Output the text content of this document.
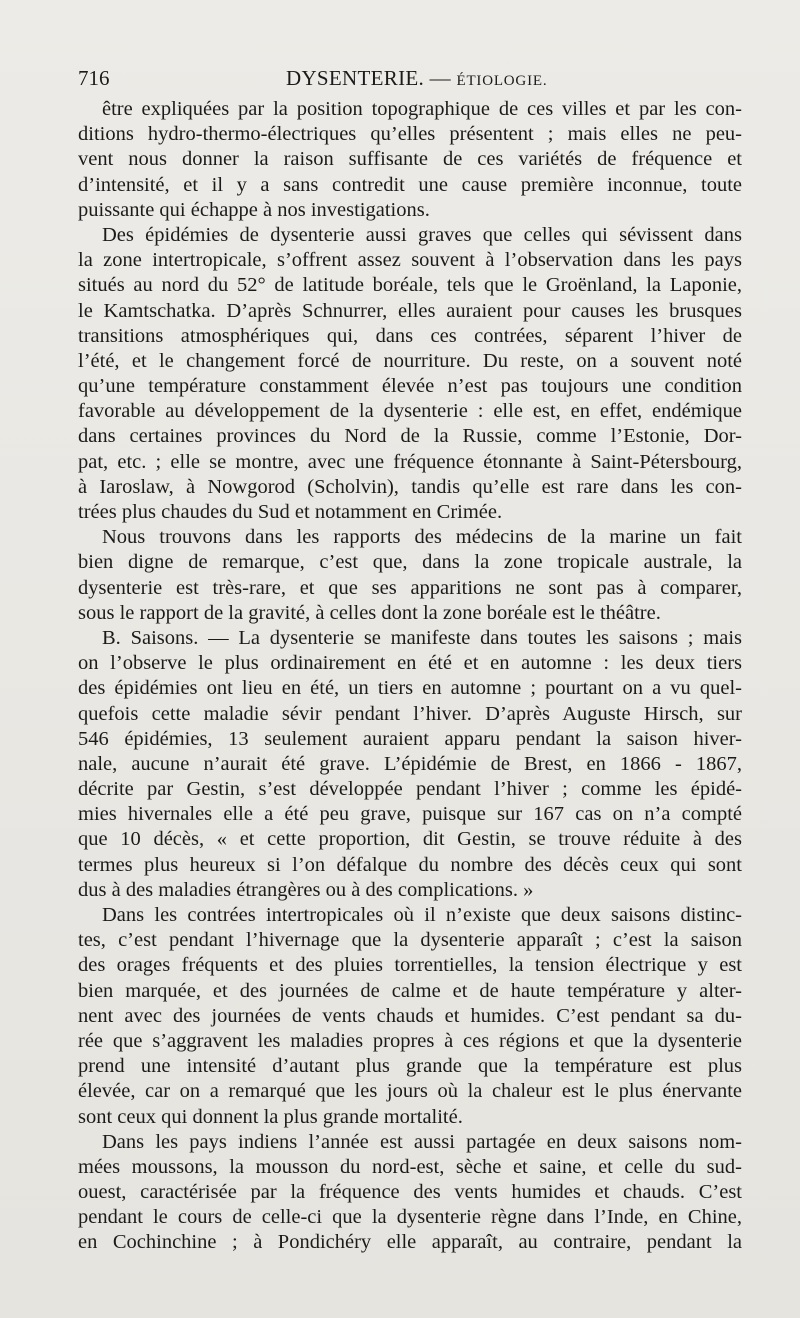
716	DYSENTERIE. — ÉTIOLOGIE.
être expliquées par la position topographique de ces villes et par les con-
ditions hydro-thermo-électriques qu’elles présentent ; mais elles ne peu-
vent nous donner la raison suffisante de ces variétés de fréquence et
d’intensité, et il y a sans contredit une cause première inconnue, toute
puissante qui échappe à nos investigations.
Des épidémies de dysenterie aussi graves que celles qui sévissent dans
la zone intertropicale, s’offrent assez souvent à l’observation dans les pays
situés au nord du 52° de latitude boréale, tels que le Groënland, la Laponie,
le Kamtschatka. D’après Schnurrer, elles auraient pour causes les brusques
transitions atmosphériques qui, dans ces contrées, séparent l’hiver de
l’été, et le changement forcé de nourriture. Du reste, on a souvent noté
qu’une température constamment élevée n’est pas toujours une condition
favorable au développement de la dysenterie : elle est, en effet, endémique
dans certaines provinces du Nord de la Russie, comme l’Estonie, Dor-
pat, etc. ; elle se montre, avec une fréquence étonnante à Saint-Pétersbourg,
à Iaroslaw, à Nowgorod (Scholvin), tandis qu’elle est rare dans les con-
trées plus chaudes du Sud et notamment en Crimée.
Nous trouvons dans les rapports des médecins de la marine un fait
bien digne de remarque, c’est que, dans la zone tropicale australe, la
dysenterie est très-rare, et que ses apparitions ne sont pas à comparer,
sous le rapport de la gravité, à celles dont la zone boréale est le théâtre.
B. Saisons. — La dysenterie se manifeste dans toutes les saisons ; mais
on l’observe le plus ordinairement en été et en automne : les deux tiers
des épidémies ont lieu en été, un tiers en automne ; pourtant on a vu quel-
quefois cette maladie sévir pendant l’hiver. D’après Auguste Hirsch, sur
546 épidémies, 13 seulement auraient apparu pendant la saison hiver-
nale, aucune n’aurait été grave. L’épidémie de Brest, en 1866 - 1867,
décrite par Gestin, s’est développée pendant l’hiver ; comme les épidé-
mies hivernales elle a été peu grave, puisque sur 167 cas on n’a compté
que 10 décès, « et cette proportion, dit Gestin, se trouve réduite à des
termes plus heureux si l’on défalque du nombre des décès ceux qui sont
dus à des maladies étrangères ou à des complications. »
Dans les contrées intertropicales où il n’existe que deux saisons distinc-
tes, c’est pendant l’hivernage que la dysenterie apparaît ; c’est la saison
des orages fréquents et des pluies torrentielles, la tension électrique y est
bien marquée, et des journées de calme et de haute température y alter-
nent avec des journées de vents chauds et humides. C’est pendant sa du-
rée que s’aggravent les maladies propres à ces régions et que la dysenterie
prend une intensité d’autant plus grande que la température est plus
élevée, car on a remarqué que les jours où la chaleur est le plus énervante
sont ceux qui donnent la plus grande mortalité.
Dans les pays indiens l’année est aussi partagée en deux saisons nom-
mées moussons, la mousson du nord-est, sèche et saine, et celle du sud-
ouest, caractérisée par la fréquence des vents humides et chauds. C’est
pendant le cours de celle-ci que la dysenterie règne dans l’Inde, en Chine,
en Cochinchine ; à Pondichéry elle apparaît, au contraire, pendant la
